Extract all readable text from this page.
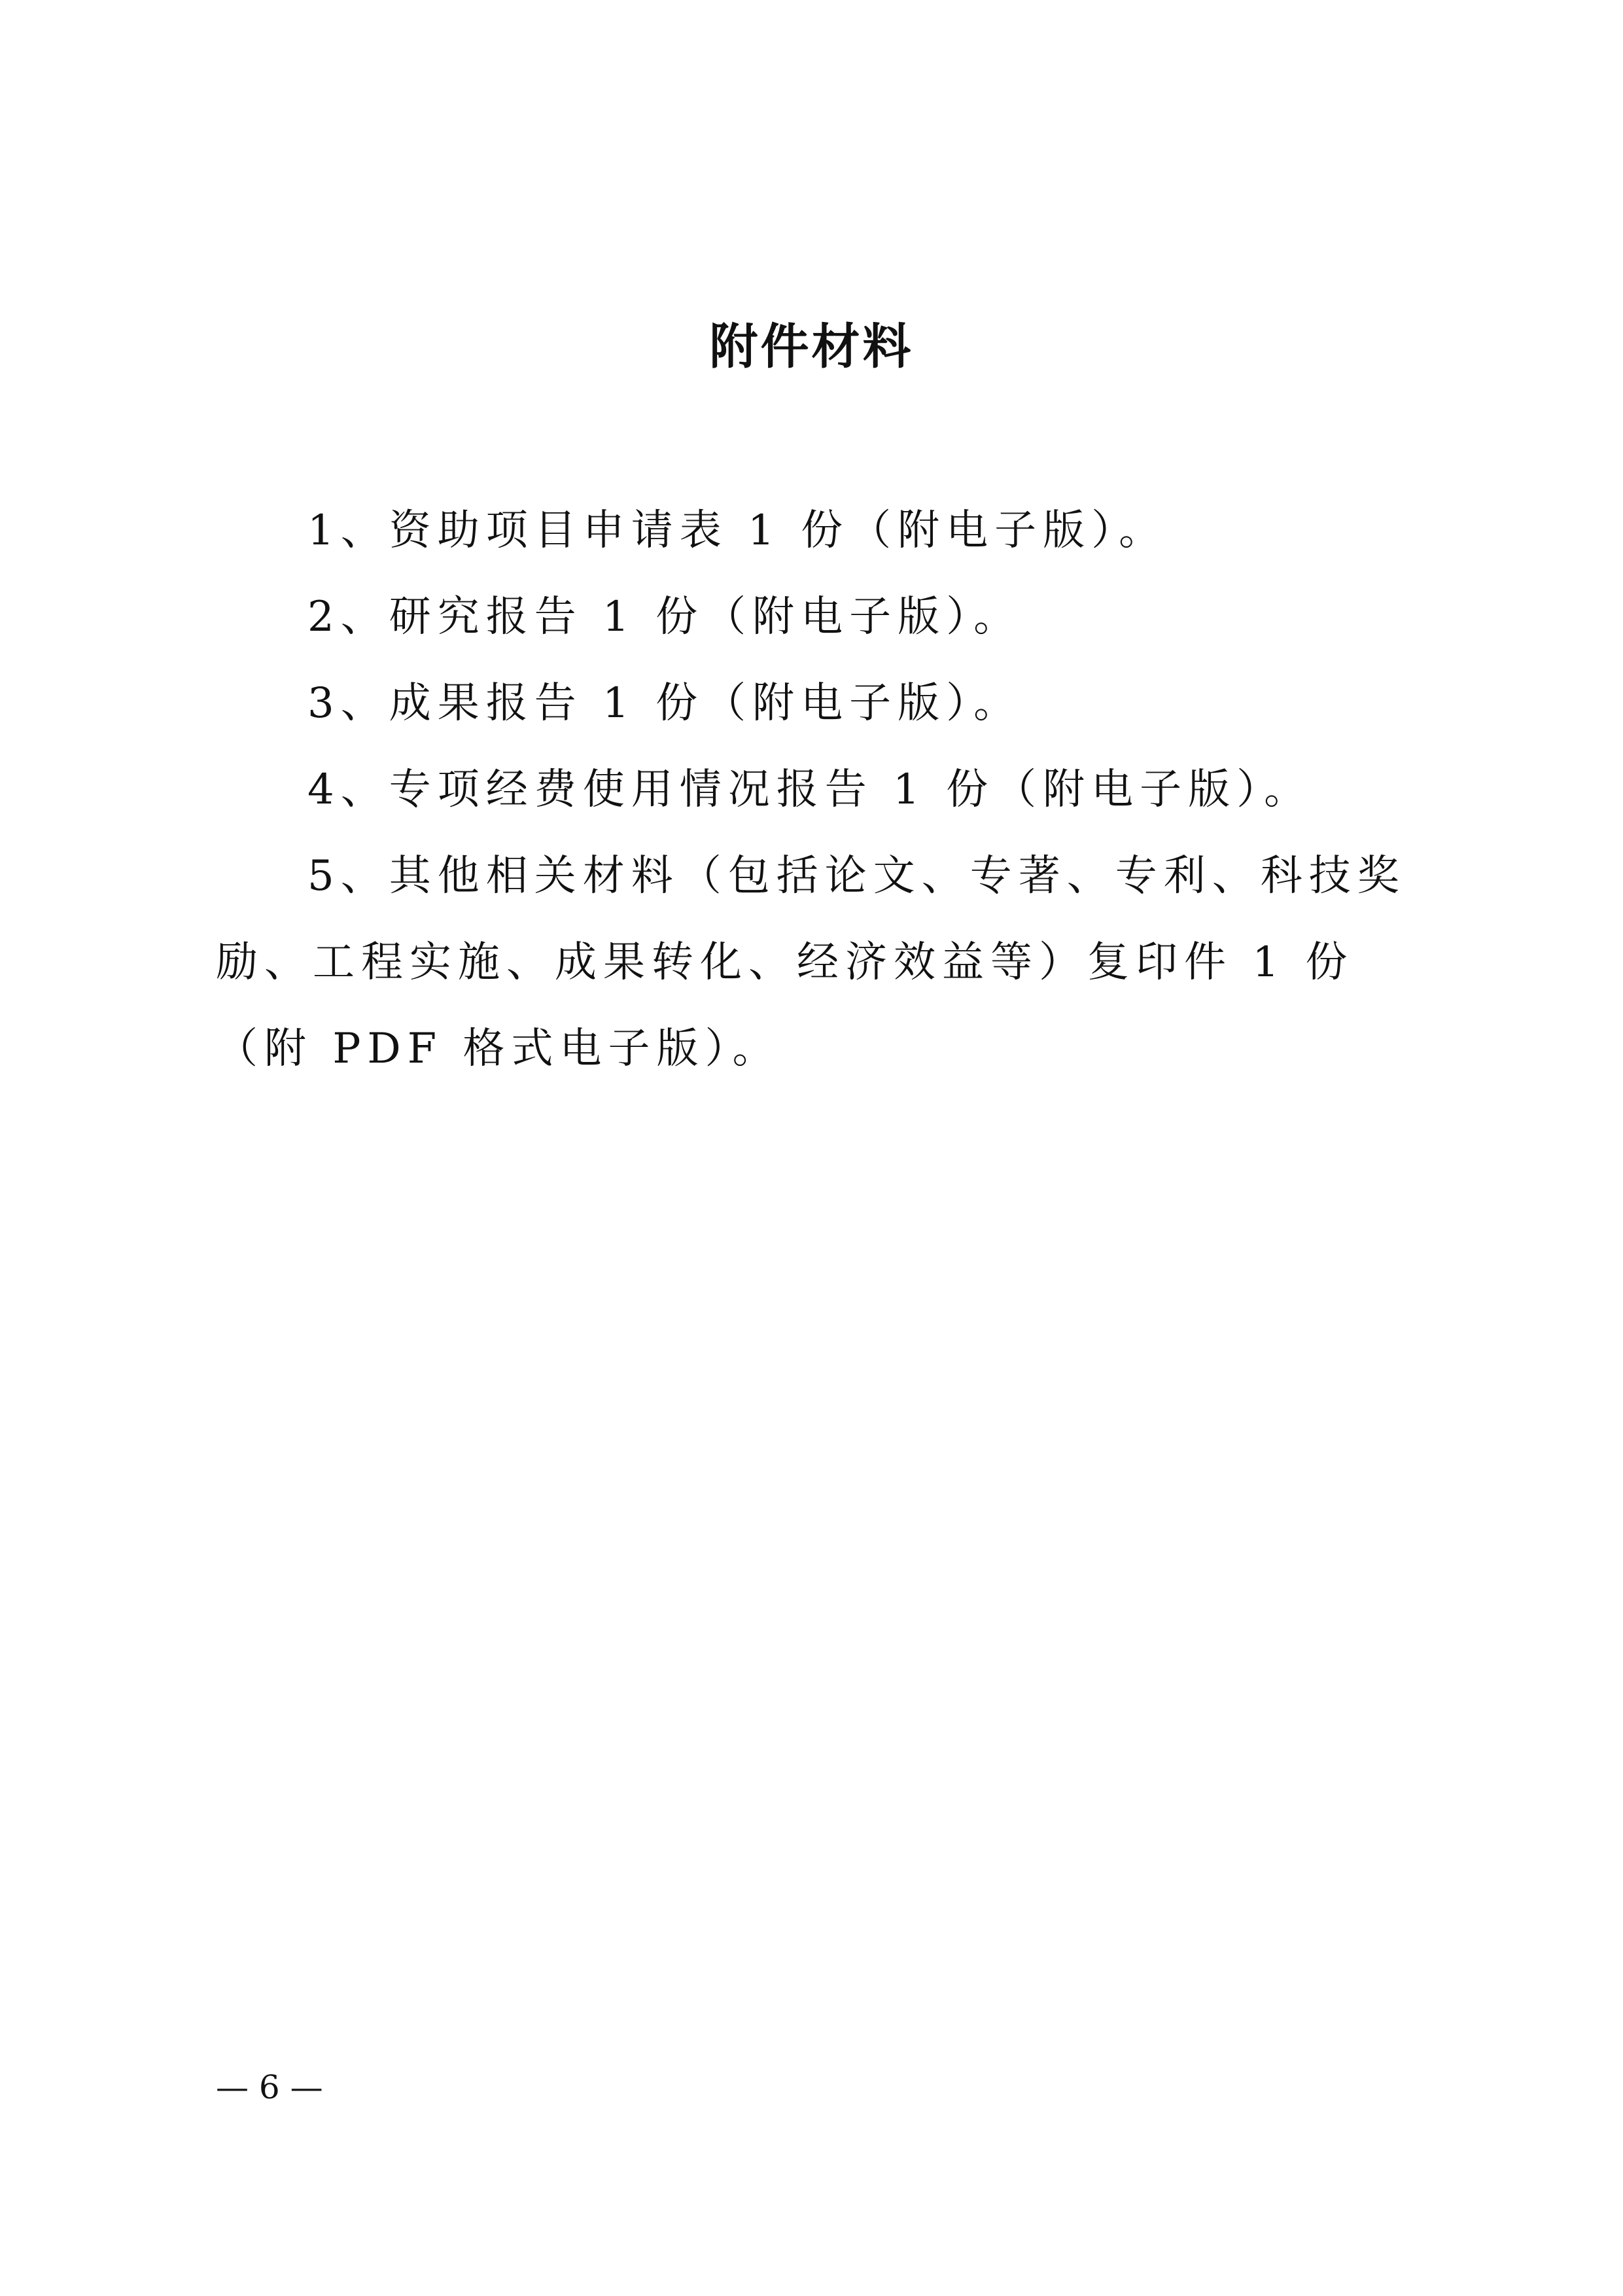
附件材料

1、资助项目申请表 1 份（附电子版）。

2、研究报告 1 份（附电子版）。

3、成果报告 1 份（附电子版）。

4、专项经费使用情况报告 1 份（附电子版）。

5、其他相关材料（包括论文、专著、专利、科技奖励、工程实施、成果转化、经济效益等）复印件 1 份（附 PDF 格式电子版）。

— 6 —
